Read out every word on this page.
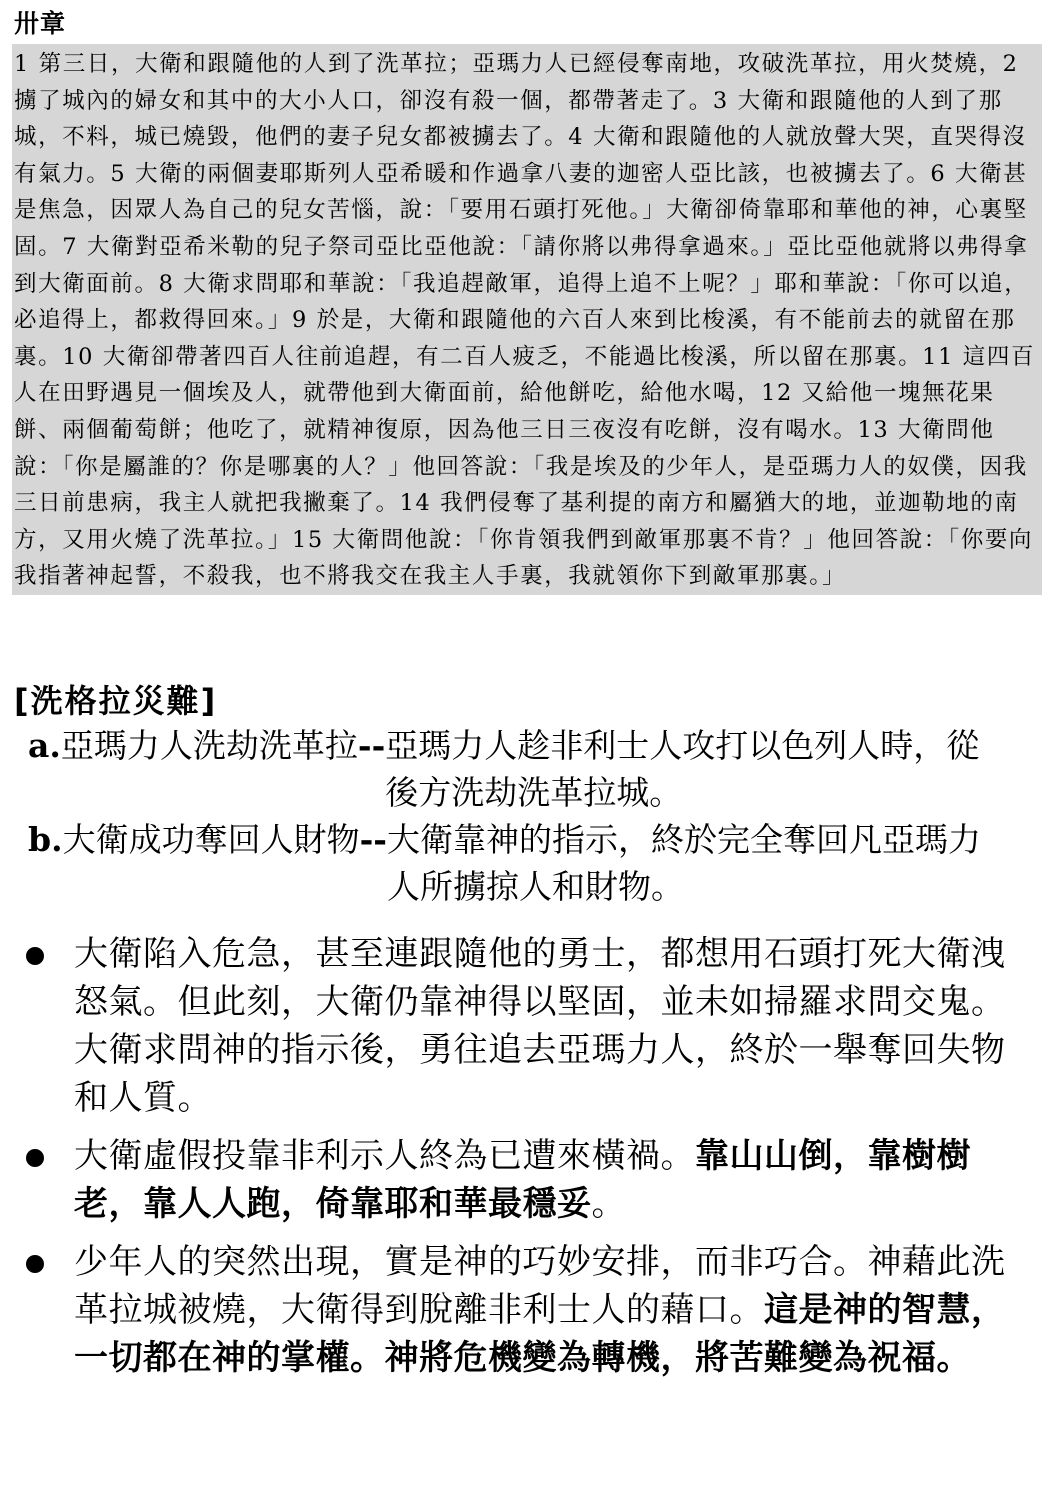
卅章
1 第三日，大衛和跟隨他的人到了洗革拉；亞瑪力人已經侵奪南地，攻破洗革拉，用火焚燒，2 擄了城內的婦女和其中的大小人口，卻沒有殺一個，都帶著走了。3 大衛和跟隨他的人到了那城，不料，城已燒毀，他們的妻子兒女都被擄去了。4 大衛和跟隨他的人就放聲大哭，直哭得沒有氣力。5 大衛的兩個妻耶斯列人亞希暖和作過拿八妻的迦密人亞比該，也被擄去了。6 大衛甚是焦急，因眾人為自己的兒女苦惱，說：「要用石頭打死他。」大衛卻倚靠耶和華他的神，心裏堅固。7 大衛對亞希米勒的兒子祭司亞比亞他說：「請你將以弗得拿過來。」亞比亞他就將以弗得拿到大衛面前。8 大衛求問耶和華說：「我追趕敵軍，追得上追不上呢？」耶和華說：「你可以追，必追得上，都救得回來。」9 於是，大衛和跟隨他的六百人來到比梭溪，有不能前去的就留在那裏。10 大衛卻帶著四百人往前追趕，有二百人疲乏，不能過比梭溪，所以留在那裏。11 這四百人在田野遇見一個埃及人，就帶他到大衛面前，給他餅吃，給他水喝，12 又給他一塊無花果餅、兩個葡萄餅；他吃了，就精神復原，因為他三日三夜沒有吃餅，沒有喝水。13 大衛問他說：「你是屬誰的？你是哪裏的人？」他回答說：「我是埃及的少年人，是亞瑪力人的奴僕，因我三日前患病，我主人就把我撇棄了。14 我們侵奪了基利提的南方和屬猶大的地，並迦勒地的南方，又用火燒了洗革拉。」15 大衛問他說：「你肯領我們到敵軍那裏不肯？」他回答說：「你要向我指著神起誓，不殺我，也不將我交在我主人手裏，我就領你下到敵軍那裏。」
[洗格拉災難]
a.亞瑪力人洗劫洗革拉-- 亞瑪力人趁非利士人攻打以色列人時，從後方洗劫洗革拉城。
b.大衛成功奪回人財物-- 大衛靠神的指示，終於完全奪回凡亞瑪力人所擄掠人和財物。
大衛陷入危急，甚至連跟隨他的勇士，都想用石頭打死大衛洩怒氣。但此刻，大衛仍靠神得以堅固，並未如掃羅求問交鬼。大衛求問神的指示後，勇往追去亞瑪力人，終於一舉奪回失物和人質。
大衛虛假投靠非利示人終為已遭來橫禍。靠山山倒，靠樹樹老，靠人人跑，倚靠耶和華最穩妥。
少年人的突然出現，實是神的巧妙安排，而非巧合。神藉此洗革拉城被燒，大衛得到脫離非利士人的藉口。這是神的智慧，一切都在神的掌權。神將危機變為轉機，將苦難變為祝福。
